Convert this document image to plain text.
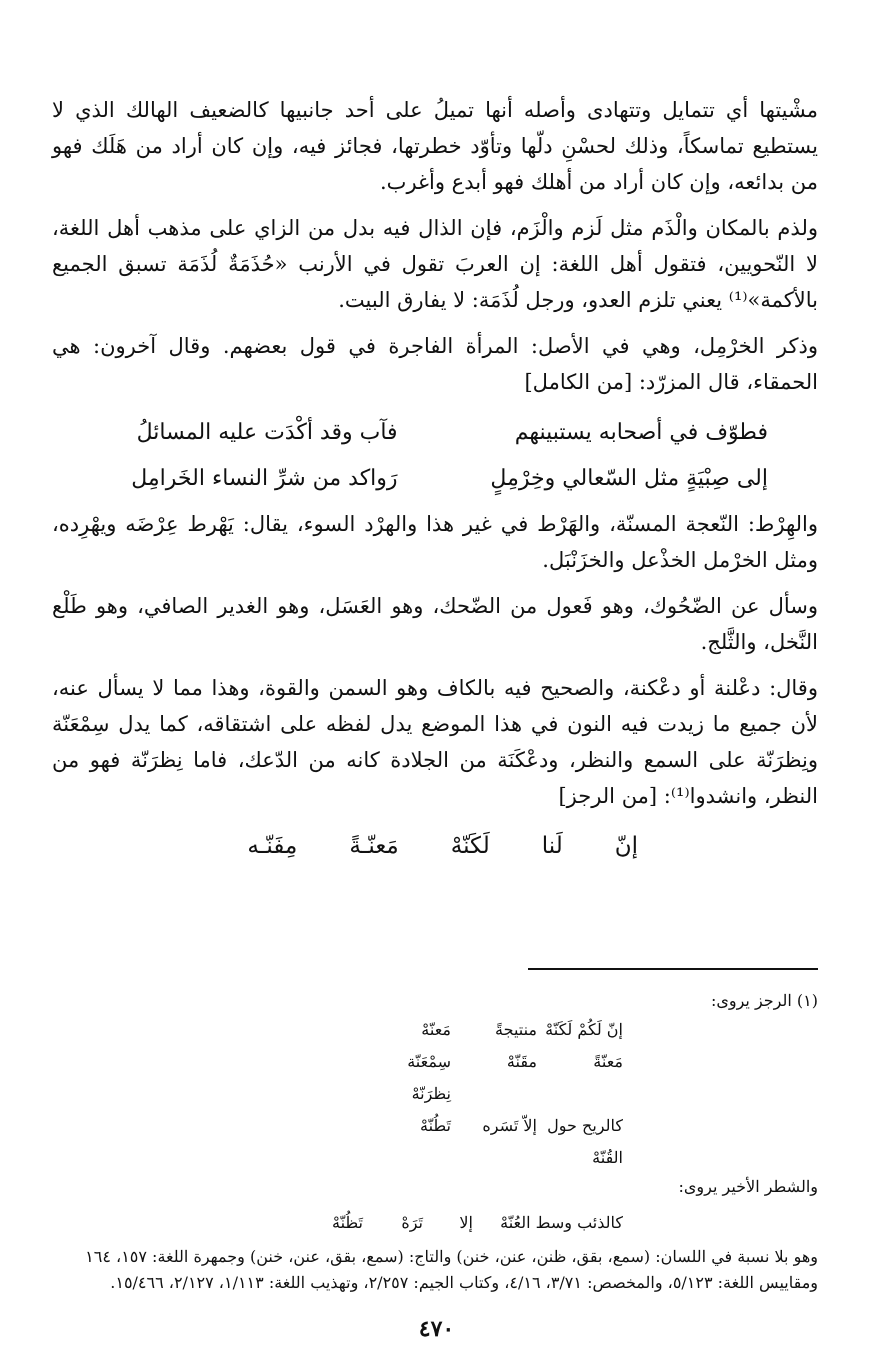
مشْيتها أي تتمايل وتتهادى وأصله أنها تميلُ على أحد جانبيها كالضعيف الهالك الذي لا يستطيع تماسكاً، وذلك لحسْنِ دلّها وتأوّد خطرتها، فجائز فيه، وإن كان أراد من هَلَك فهو من بدائعه، وإن كان أراد من أهلك فهو أبدع وأغرب.

ولذم بالمكان والْذَم مثل لَزم والْزَم، فإن الذال فيه بدل من الزاي على مذهب أهل اللغة، لا النّحويين، فتقول أهل اللغة: إن العربَ تقول في الأرنب «حُذَمَةٌ لُذَمَة تسبق الجميع بالأكمة»⁽¹⁾ يعني تلزم العدو، ورجل لُذَمَة: لا يفارق البيت.

وذكر الخرْمِل، وهي في الأصل: المرأة الفاجرة في قول بعضهم. وقال آخرون: هي الحمقاء، قال المزرّد: [من الكامل]

فطوّف في أصحابه يستبينهم
فآب وقد أكْدَت عليه المسائلُ
إلى صِبْيَةٍ مثل السّعالي وخِرْمِلٍ
رَواكد من شرِّ النساء الخَرامِل

والهِرْط: النّعجة المسنّة، والهَرْط في غير هذا والهرْد السوء، يقال: يَهْرط عِرْضَه ويهْرِده، ومثل الخرْمل الخذْعل والخزَنْبَل.

وسأل عن الضّحُوك، وهو فَعول من الضّحك، وهو العَسَل، وهو الغدير الصافي، وهو طَلْع النَّخل، والثَّلج.

وقال: دعْلنة أو دعْكنة، والصحيح فيه بالكاف وهو السمن والقوة، وهذا مما لا يسأل عنه، لأن جميع ما زيدت فيه النون في هذا الموضع يدل لفظه على اشتقاقه، كما يدل سِمْعَنّة ونِظرَنّة على السمع والنظر، ودعْكَنَة من الجلادة كانه من الدّعك، فاما نِظرَنّة فهو من النظر، وانشدوا⁽¹⁾: [من الرجز]

إنّ
لَنا
لَكَنّهْ
مَعنّـةً
مِفَنّـه

(١) الرجز يروى:

إنّ لَكُمْ لَكَنّهْ
منتيجةً
مَعنّهْ
مَعنّةً
مقَنّهْ
سِمْعَنّة نِظرَنّهْ
كالريح حول القُنّهْ
إلاّ تَسَره
تَطُنّهْ

والشطر الأخير يروى:

كالذئب وسط العُنّهْ
إلا
تَرَهْ
تَظُنّهْ

وهو بلا نسبة في اللسان: (سمع، بقق، ظنن، عنن، خنن) والتاج: (سمع، بقق، عنن، خنن) وجمهرة اللغة: ١٥٧، ١٦٤ ومقاييس اللغة: ٥/١٢٣، والمخصص: ٣/٧١، ٤/١٦، وكتاب الجيم: ٢/٢٥٧، وتهذيب اللغة: ١/١١٣، ٢/١٢٧، ١٥/٤٦٦.

٤٧٠
